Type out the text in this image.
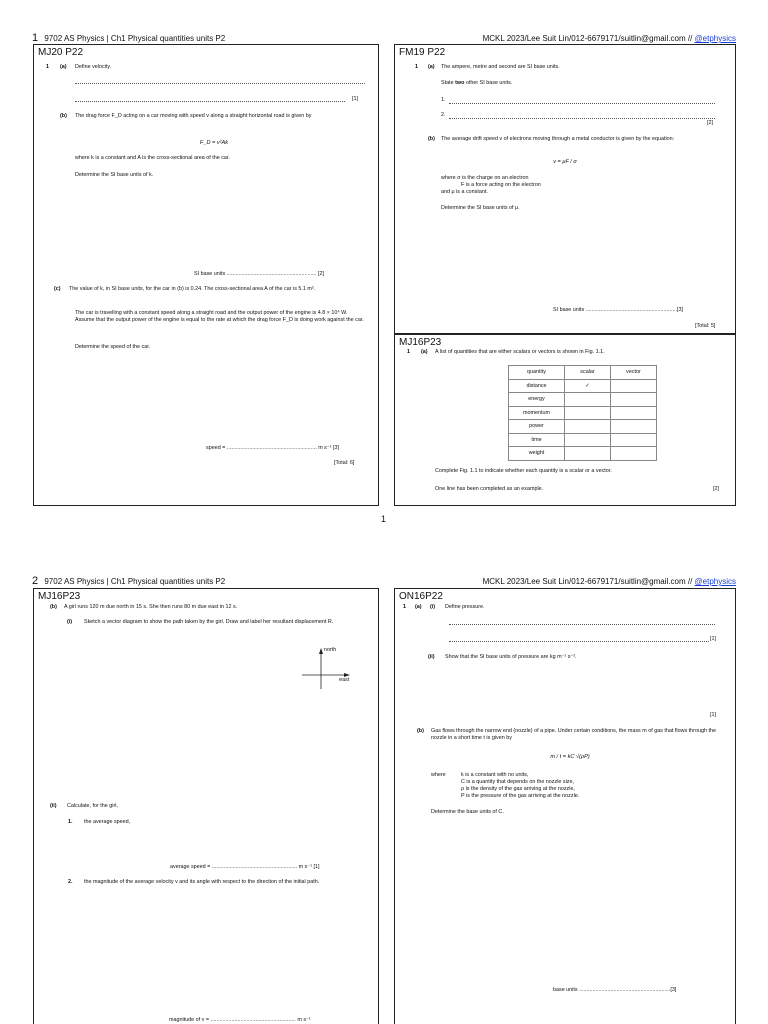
1 9702 AS Physics | Ch1 Physical quantities units P2	MCKL 2023/Lee Suit Lin/012-6679171/suitlin@gmail.com // @etphysics
MJ20 P22
1 (a) Define velocity.
[1]
(b) The drag force F_D acting on a car moving with speed v along a straight horizontal road is given by
F_D = v²Ak
where k is a constant and A is the cross-sectional area of the car.
Determine the SI base units of k.
SI base units ............................................................ [2]
(c) The value of k, in SI base units, for the car in (b) is 0.24. The cross-sectional area A of the car is 5.1 m².
The car is travelling with a constant speed along a straight road and the output power of the engine is 4.8 × 10⁴ W. Assume that the output power of the engine is equal to the rate at which the drag force F_D is doing work against the car.
Determine the speed of the car.
speed = ............................................................ m s⁻¹ [3]
[Total: 6]
FM19 P22
1 (a) The ampere, metre and second are SI base units.
State two other SI base units.
1.
2.
[2]
(b) The average drift speed v of electrons moving through a metal conductor is given by the equation:
v = μF / σ
where σ is the charge on an electron
F is a force acting on the electron
and μ is a constant.
Determine the SI base units of μ.
SI base units .............................................................[3]
[Total: 5]
MJ16P23
1 (a) A list of quantities that are either scalars or vectors is shown in Fig. 1.1.
quantity	scalar	vector
distance	✓	
energy		
momentum		
power		
time		
weight		
Complete Fig. 1.1 to indicate whether each quantity is a scalar or a vector.
One line has been completed as an example.	[2]
1
2 9702 AS Physics | Ch1 Physical quantities units P2	MCKL 2023/Lee Suit Lin/012-6679171/suitlin@gmail.com // @etphysics
MJ16P23
(b) A girl runs 120 m due north in 15 s. She then runs 80 m due east in 12 s.
(i) Sketch a vector diagram to show the path taken by the girl. Draw and label her resultant displacement R.
north
east
(ii) Calculate, for the girl,
1. the average speed,
average speed = ......................................................... m s⁻¹ [1]
2. the magnitude of the average velocity v and its angle with respect to the direction of the initial path.
magnitude of v = ......................................................... m s⁻¹
ON16P22
1 (a) (i) Define pressure.
[1]
(ii) Show that the SI base units of pressure are kg m⁻¹ s⁻².
[1]
(b) Gas flows through the narrow end (nozzle) of a pipe. Under certain conditions, the mass m of gas that flows through the nozzle in a short time t is given by
m / t = kC √(ρP)
where	k is a constant with no units,
C is a quantity that depends on the nozzle size,
ρ is the density of the gas arriving at the nozzle,
P is the pressure of the gas arriving at the nozzle.
Determine the base units of C.
base units .............................................................[3]
